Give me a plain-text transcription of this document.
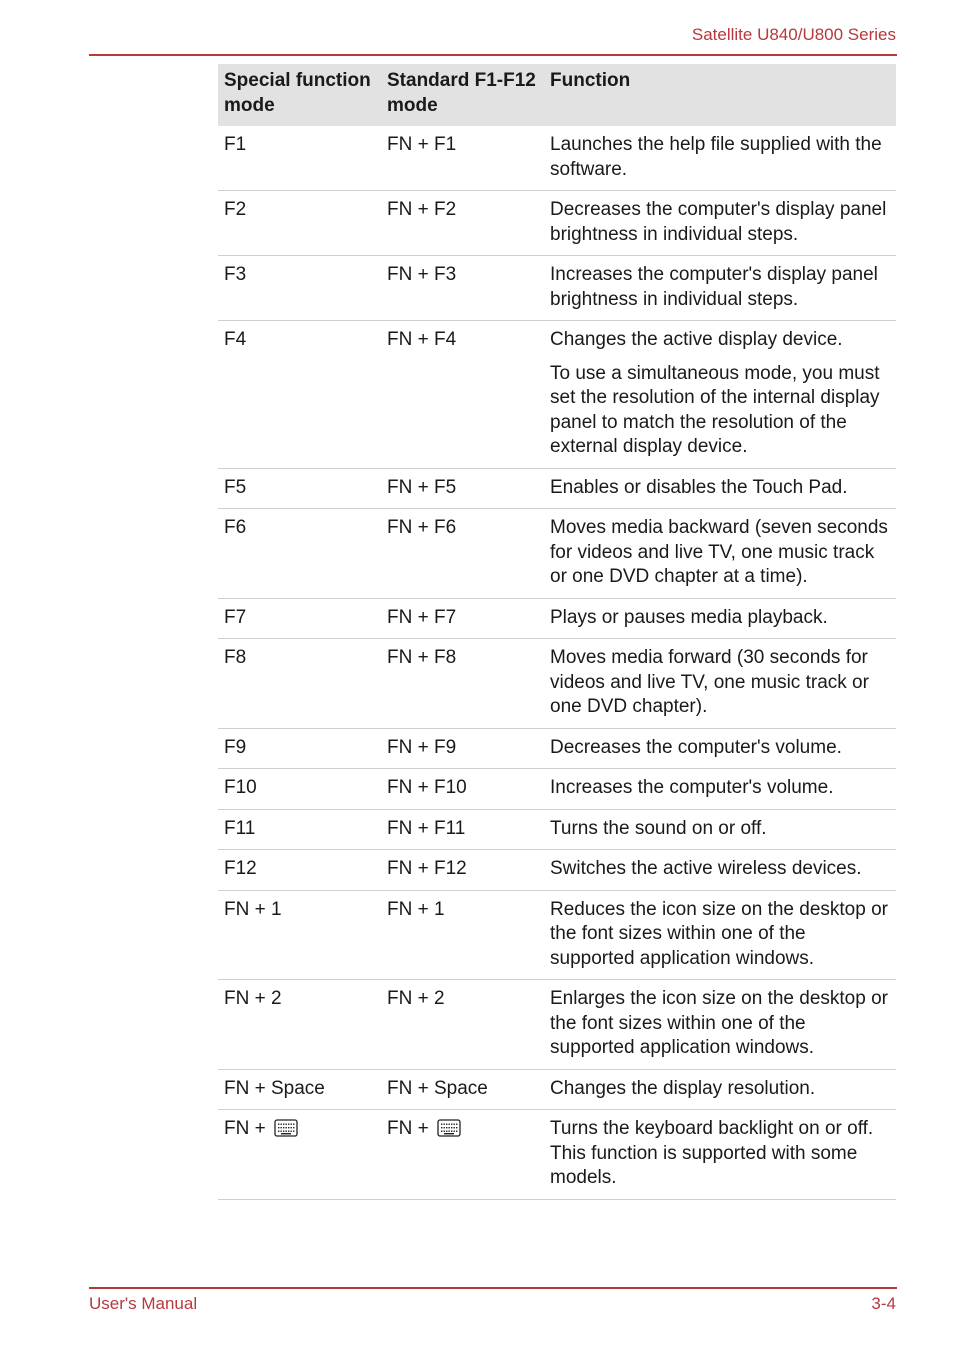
Satellite U840/U800 Series
Special function mode	Standard F1-F12 mode	Function
F1	FN + F1	Launches the help file supplied with the software.

F2	FN + F2	Decreases the computer's display panel brightness in individual steps.

F3	FN + F3	Increases the computer's display panel brightness in individual steps.

F4	FN + F4	Changes the active display device.

To use a simultaneous mode, you must set the resolution of the internal display panel to match the resolution of the external display device.

F5	FN + F5	Enables or disables the Touch Pad.

F6	FN + F6	Moves media backward (seven seconds for videos and live TV, one music track or one DVD chapter at a time).

F7	FN + F7	Plays or pauses media playback.

F8	FN + F8	Moves media forward (30 seconds for videos and live TV, one music track or one DVD chapter).

F9	FN + F9	Decreases the computer's volume.

F10	FN + F10	Increases the computer's volume.

F11	FN + F11	Turns the sound on or off.

F12	FN + F12	Switches the active wireless devices.

FN + 1	FN + 1	Reduces the icon size on the desktop or the font sizes within one of the supported application windows.

FN + 2	FN + 2	Enlarges the icon size on the desktop or the font sizes within one of the supported application windows.

FN + Space	FN + Space	Changes the display resolution.

FN +	FN +	Turns the keyboard backlight on or off. This function is supported with some models.

User's Manual	3-4
